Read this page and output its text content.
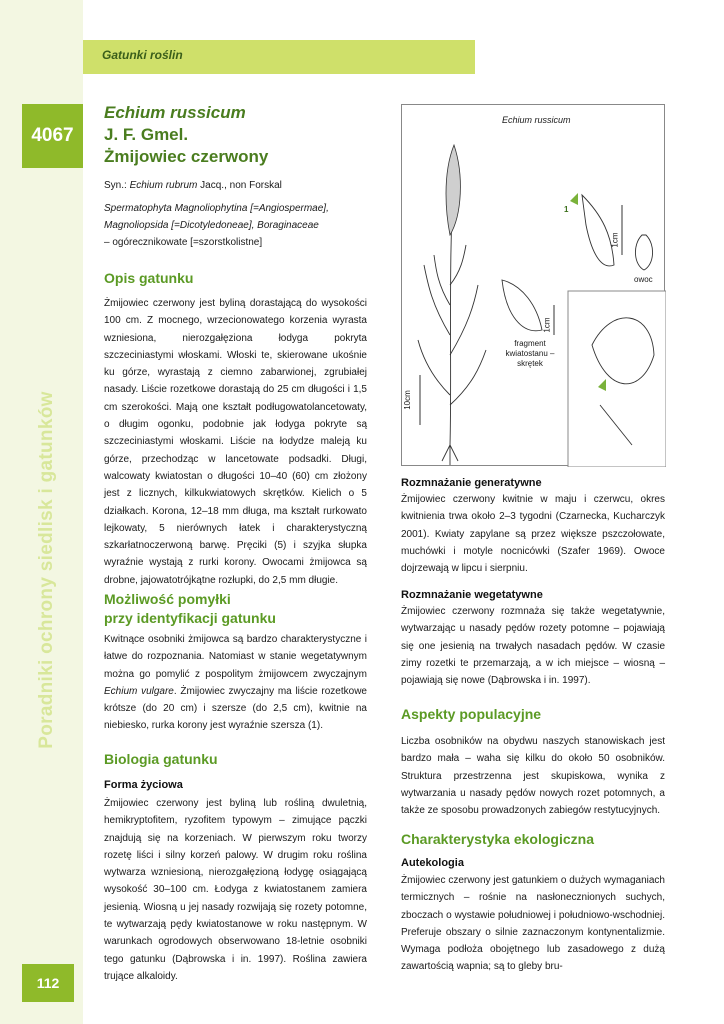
Gatunki roślin
4067
Poradniki ochrony siedlisk i gatunków
112
Echium russicum
J. F. Gmel.
Żmijowiec czerwony
Syn.: Echium rubrum Jacq., non Forskal
Spermatophyta Magnoliophytina [=Angiospermae],
Magnoliopsida [=Dicotyledoneae], Boraginaceae
– ogórecznikowate [=szorstkolistne]
Opis gatunku
Żmijowiec czerwony jest byliną dorastającą do wysokości 100 cm. Z mocnego, wrzecionowatego korzenia wyrasta wzniesiona, nierozgałęziona łodyga pokryta szczeciniastymi włoskami. Włoski te, skierowane ukośnie ku górze, wyrastają z ciemno zabarwionej, zgrubiałej nasady. Liście rozetkowe dorastają do 25 cm długości i 1,5 cm szerokości. Mają one kształt podługowatolancetowaty, o długim ogonku, podobnie jak łodyga pokryte są szczeciniastymi włoskami. Liście na łodydze maleją ku górze, przechodząc w lancetowate podsadki. Długi, walcowaty kwiatostan o długości 10–40 (60) cm złożony jest z licznych, kilkukwiatowych skrętków. Kielich o 5 działkach. Korona, 12–18 mm długa, ma kształt rurkowato lejkowaty, 5 nierównych łatek i charakterystyczną szkarłatnoczerwoną barwę. Pręciki (5) i szyjka słupka wyraźnie wystają z rurki korony. Owocami żmijowca są drobne, jajowatotrójkątne rozłupki, do 2,5 mm długie.
Możliwość pomyłki
przy identyfikacji gatunku
Kwitnące osobniki żmijowca są bardzo charakterystyczne i łatwe do rozpoznania. Natomiast w stanie wegetatywnym można go pomylić z pospolitym żmijowcem zwyczajnym Echium vulgare. Żmijowiec zwyczajny ma liście rozetkowe krótsze (do 20 cm) i szersze (do 2,5 cm), kwitnie na niebiesko, rurka korony jest wyraźnie szersza (1).
Biologia gatunku
Forma życiowa
Żmijowiec czerwony jest byliną lub rośliną dwuletnią, hemikryptofitem, ryzofitem typowym – zimujące pączki znajdują się na korzeniach. W pierwszym roku tworzy rozetę liści i silny korzeń palowy. W drugim roku roślina wytwarza wzniesioną, nierozgałęzioną łodygę osiągającą wysokość 30–100 cm. Łodyga z kwiatostanem zamiera jesienią. Wiosną u jej nasady rozwijają się rozety potomne, te wytwarzają pędy kwiatostanowe w roku następnym. W warunkach ogrodowych obserwowano 18-letnie osobniki tego gatunku (Dąbrowska i in. 1997). Roślina zawiera trujące alkaloidy.
Echium russicum
fragment kwiatostanu – skrętek
owoc
10cm
1cm
1cm
1
Rozmnażanie generatywne
Żmijowiec czerwony kwitnie w maju i czerwcu, okres kwitnienia trwa około 2–3 tygodni (Czarnecka, Kucharczyk 2001). Kwiaty zapylane są przez większe pszczołowate, muchówki i motyle nocnicówki (Szafer 1969). Owoce dojrzewają w lipcu i sierpniu.
Rozmnażanie wegetatywne
Żmijowiec czerwony rozmnaża się także wegetatywnie, wytwarzając u nasady pędów rozety potomne – pojawiają się one jesienią na trwałych nasadach pędów. W czasie zimy rozetki te przemarzają, a w ich miejsce – wiosną – pojawiają się nowe (Dąbrowska i in. 1997).
Aspekty populacyjne
Liczba osobników na obydwu naszych stanowiskach jest bardzo mała – waha się kilku do około 50 osobników. Struktura przestrzenna jest skupiskowa, wynika z wytwarzania u nasady pędów nowych rozet potomnych, a także ze sposobu prowadzonych zabiegów restytucyjnych.
Charakterystyka ekologiczna
Autekologia
Żmijowiec czerwony jest gatunkiem o dużych wymaganiach termicznych – rośnie na nasłonecznionych suchych, zboczach o wystawie południowej i południowo-wschodniej. Preferuje obszary o silnie zaznaczonym kontynentalizmie. Wymaga podłoża obojętnego lub zasadowego z dużą zawartością wapnia; są to gleby bru-
